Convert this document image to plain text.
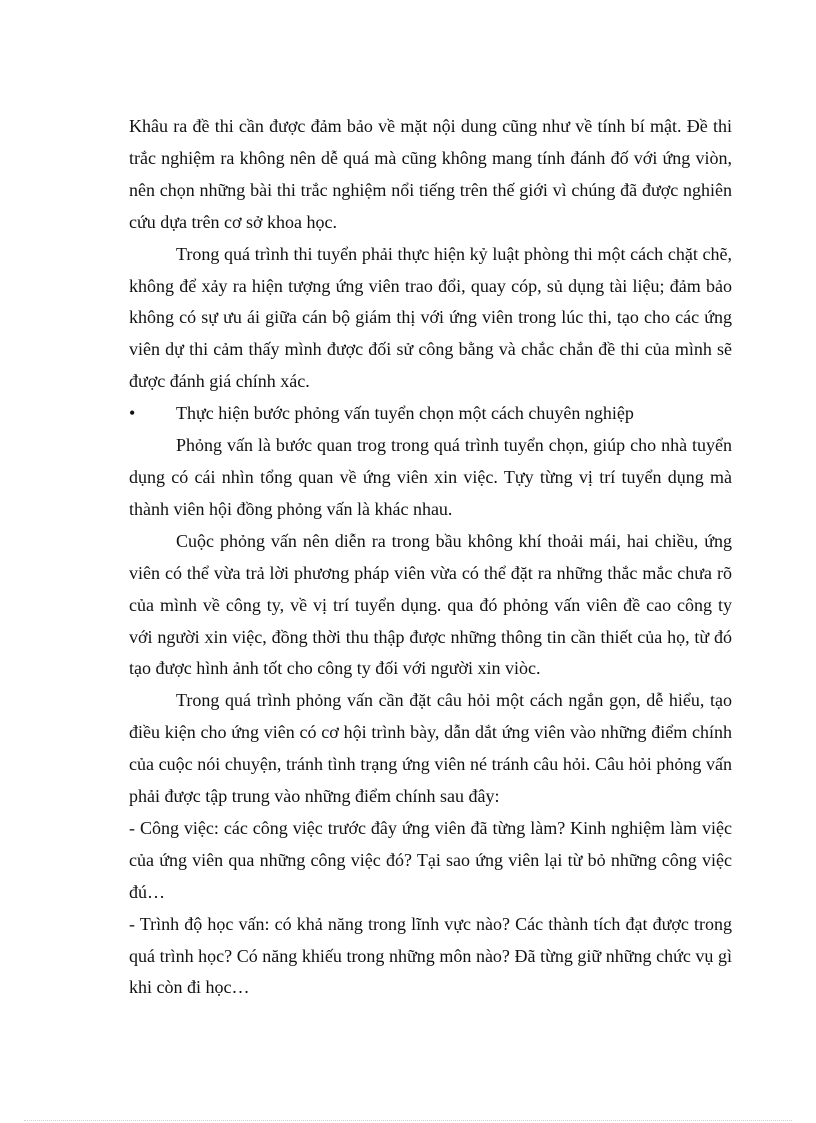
Khâu ra đề thi cần được đảm bảo về mặt nội dung cũng như về tính bí mật. Đề thi trắc nghiệm ra không nên dễ quá mà cũng không mang tính đánh đố với ứng viòn, nên chọn những bài thi trắc nghiệm nổi tiếng trên thế giới vì chúng đã được nghiên cứu dựa trên cơ sở khoa học.

Trong quá trình thi tuyển phải thực hiện kỷ luật phòng thi một cách chặt chẽ, không để xảy ra hiện tượng ứng viên trao đổi, quay cóp, sủ dụng tài liệu; đảm bảo không có sự ưu ái giữa cán bộ giám thị với ứng viên trong lúc thi, tạo cho các ứng viên dự thi cảm thấy mình được đối sử công bằng và chắc chắn đề thi của mình sẽ được đánh giá chính xác.

•	Thực hiện bước phỏng vấn tuyển chọn một cách chuyên nghiệp

Phỏng vấn là bước quan trog trong quá trình tuyển chọn, giúp cho nhà tuyển dụng có cái nhìn tổng quan về ứng viên xin việc. Tựy từng vị trí tuyển dụng mà thành viên hội đồng phỏng vấn là khác nhau.

Cuộc phỏng vấn nên diễn ra trong bầu không khí thoải mái, hai chiều, ứng viên có thể vừa trả lời phương pháp viên vừa có thể đặt ra những thắc mắc chưa rõ của mình về công ty, về vị trí tuyển dụng. qua đó phỏng vấn viên đề cao công ty với người xin việc, đồng thời thu thập được những thông tin cần thiết của họ, từ đó tạo được hình ảnh tốt cho công ty đối với người xin viòc.

Trong quá trình phỏng vấn cần đặt câu hỏi một cách ngắn gọn, dễ hiểu, tạo điều kiện cho ứng viên có cơ hội trình bày, dẫn dắt ứng viên vào những điểm chính của cuộc nói chuyện, tránh tình trạng ứng viên né tránh câu hỏi. Câu hỏi phỏng vấn phải được tập trung vào những điểm chính sau đây:

- Công việc: các công việc trước đây ứng viên đã từng làm? Kinh nghiệm làm việc của ứng viên qua những công việc đó? Tại sao ứng viên lại từ bỏ những công việc đú…

- Trình độ học vấn: có khả năng trong lĩnh vực nào? Các thành tích đạt được trong quá trình học? Có năng khiếu trong những môn nào? Đã từng giữ những chức vụ gì khi còn đi học…
